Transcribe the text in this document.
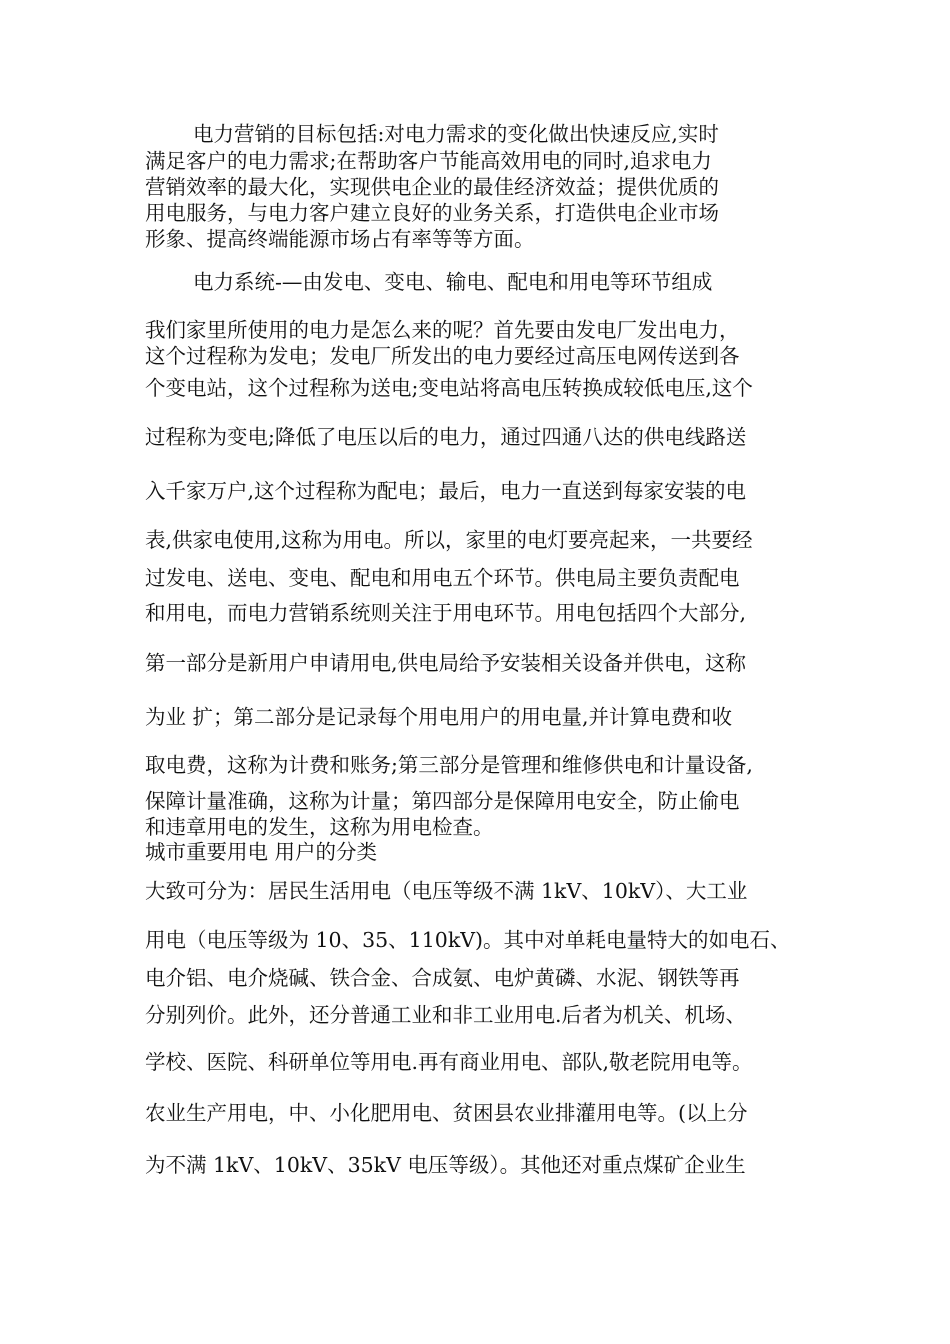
电力营销的目标包括:对电力需求的变化做出快速反应,实时
满足客户的电力需求;在帮助客户节能高效用电的同时,追求电力
营销效率的最大化，实现供电企业的最佳经济效益；提供优质的
用电服务，与电力客户建立良好的业务关系，打造供电企业市场
形象、提高终端能源市场占有率等等方面。
电力系统-—由发电、变电、输电、配电和用电等环节组成
我们家里所使用的电力是怎么来的呢？首先要由发电厂发出电力，
这个过程称为发电；发电厂所发出的电力要经过高压电网传送到各
个变电站，这个过程称为送电;变电站将高电压转换成较低电压,这个
过程称为变电;降低了电压以后的电力，通过四通八达的供电线路送
入千家万户,这个过程称为配电；最后，电力一直送到每家安装的电
表,供家电使用,这称为用电。所以，家里的电灯要亮起来，一共要经
过发电、送电、变电、配电和用电五个环节。供电局主要负责配电
和用电，而电力营销系统则关注于用电环节。用电包括四个大部分,
第一部分是新用户申请用电,供电局给予安装相关设备并供电，这称
为业 扩；第二部分是记录每个用电用户的用电量,并计算电费和收
取电费，这称为计费和账务;第三部分是管理和维修供电和计量设备,
保障计量准确，这称为计量；第四部分是保障用电安全，防止偷电
和违章用电的发生，这称为用电检查。
城市重要用电 用户的分类
大致可分为：居民生活用电（电压等级不满 1kV、10kV）、大工业
用电（电压等级为 10、35、110kV)。其中对单耗电量特大的如电石、
电介铝、电介烧碱、铁合金、合成氨、电炉黄磷、水泥、钢铁等再
分别列价。此外，还分普通工业和非工业用电.后者为机关、机场、
学校、医院、科研单位等用电.再有商业用电、部队,敬老院用电等。
农业生产用电，中、小化肥用电、贫困县农业排灌用电等。(以上分
为不满 1kV、10kV、35kV 电压等级）。其他还对重点煤矿企业生
